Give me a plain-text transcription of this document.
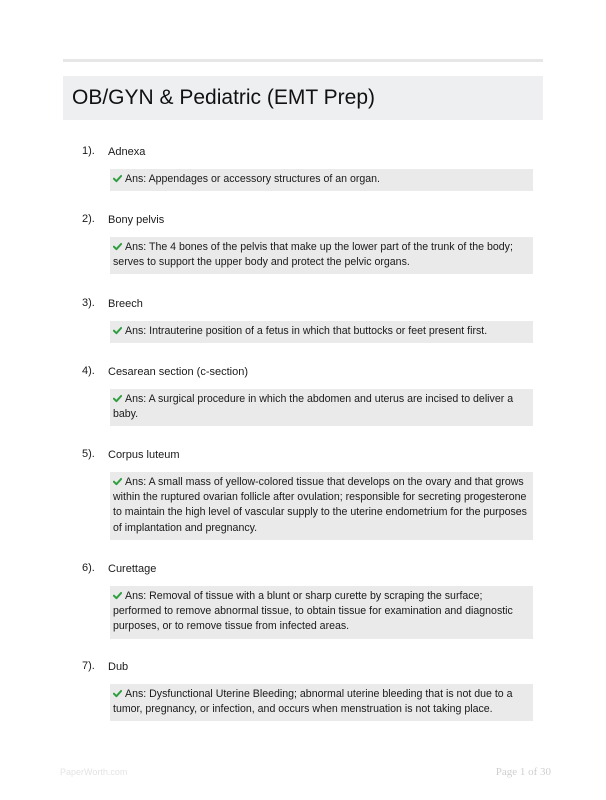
OB/GYN & Pediatric (EMT Prep)
1).	Adnexa
Ans: Appendages or accessory structures of an organ.
2).	Bony pelvis
Ans: The 4 bones of the pelvis that make up the lower part of the trunk of the body; serves to support the upper body and protect the pelvic organs.
3).	Breech
Ans: Intrauterine position of a fetus in which that buttocks or feet present first.
4).	Cesarean section (c-section)
Ans: A surgical procedure in which the abdomen and uterus are incised to deliver a baby.
5).	Corpus luteum
Ans: A small mass of yellow-colored tissue that develops on the ovary and that grows within the ruptured ovarian follicle after ovulation; responsible for secreting progesterone to maintain the high level of vascular supply to the uterine endometrium for the purposes of implantation and pregnancy.
6).	Curettage
Ans: Removal of tissue with a blunt or sharp curette by scraping the surface; performed to remove abnormal tissue, to obtain tissue for examination and diagnostic purposes, or to remove tissue from infected areas.
7).	Dub
Ans: Dysfunctional Uterine Bleeding; abnormal uterine bleeding that is not due to a tumor, pregnancy, or infection, and occurs when menstruation is not taking place.
PaperWorth.com	Page 1 of 30
